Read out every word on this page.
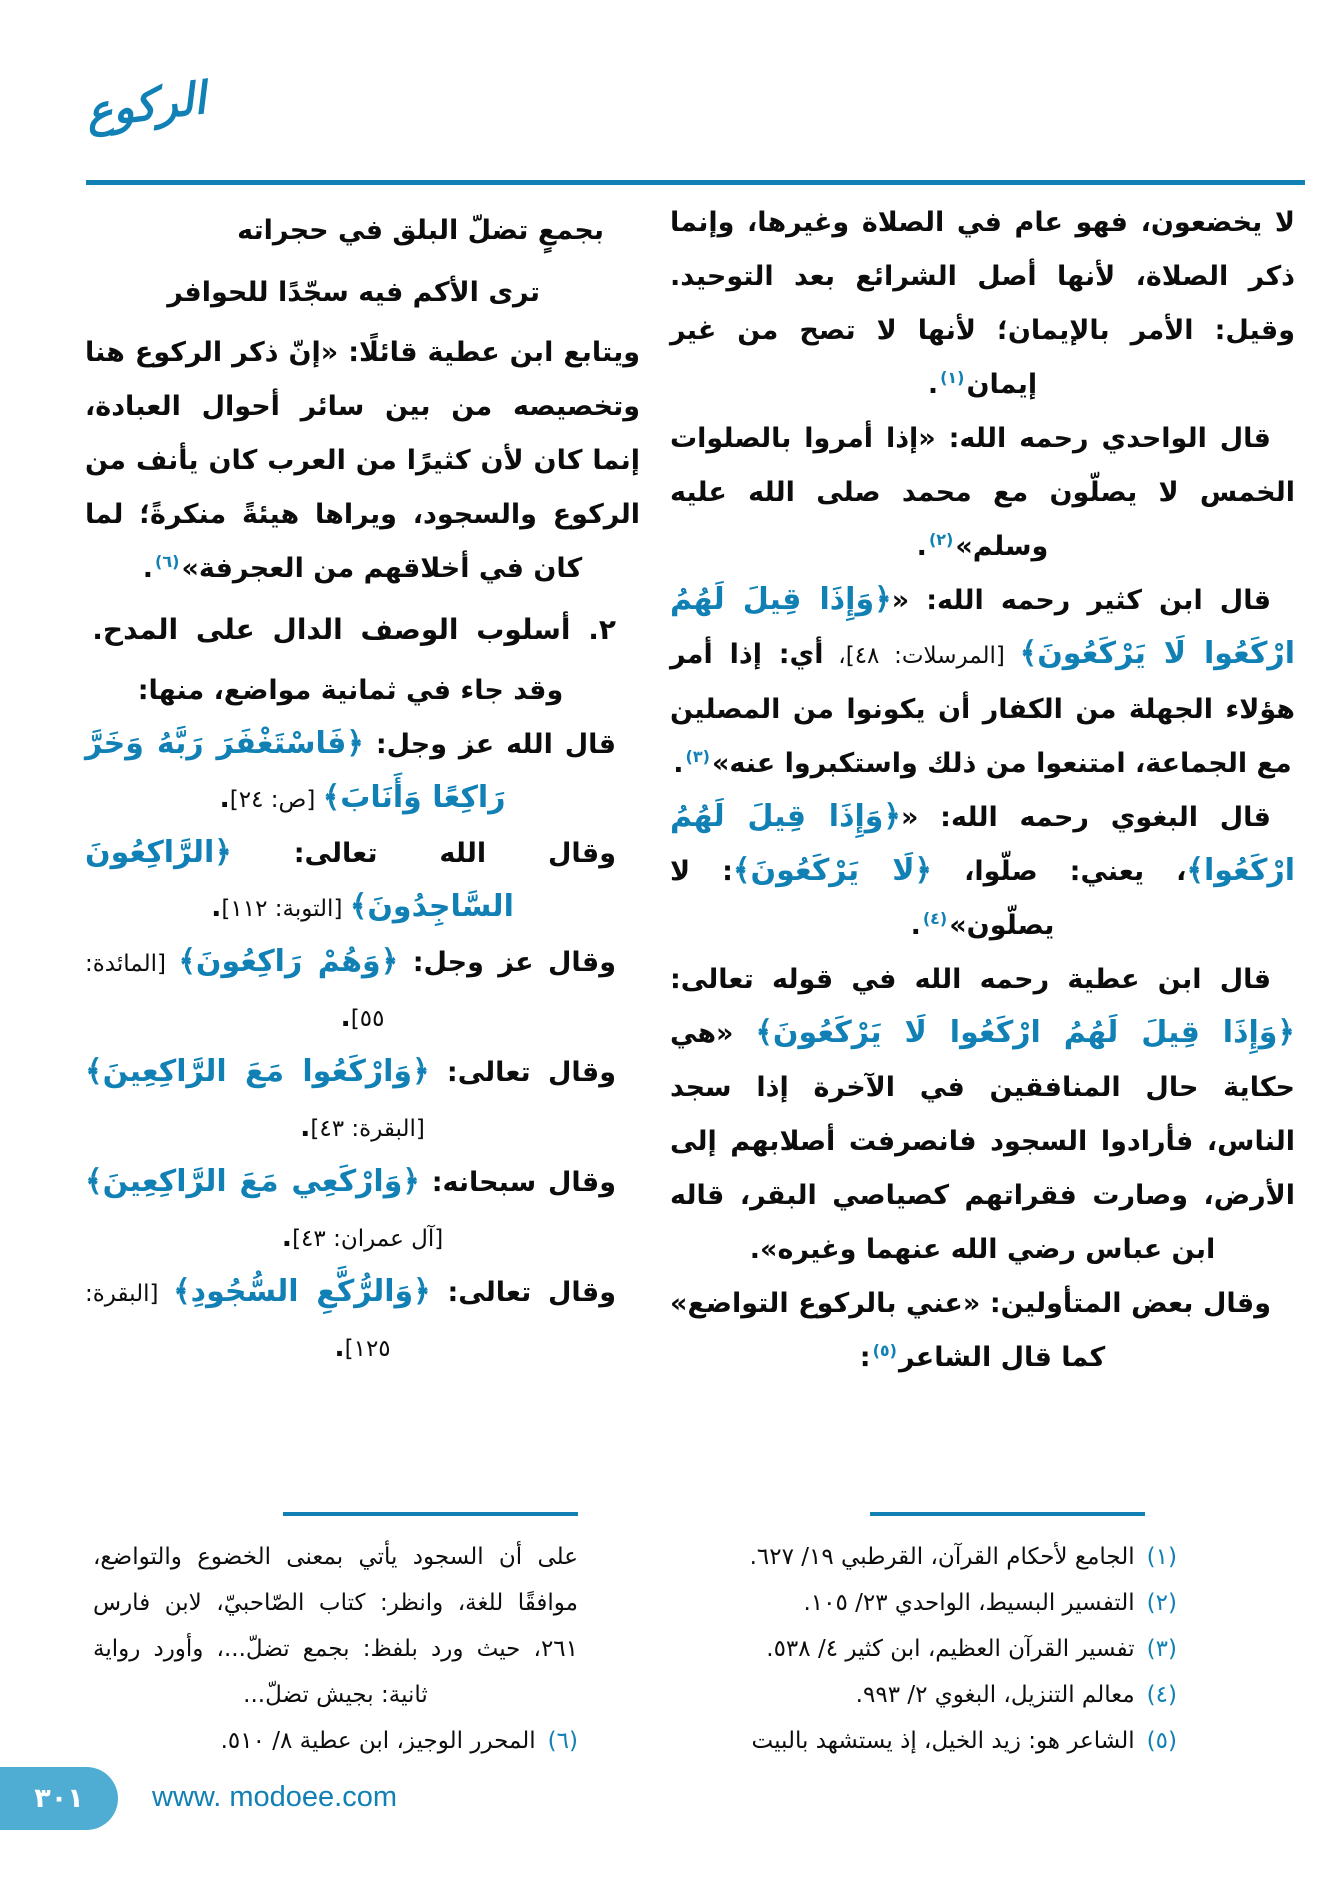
الركوع

لا يخضعون، فهو عام في الصلاة وغيرها، وإنما ذكر الصلاة، لأنها أصل الشرائع بعد التوحيد. وقيل: الأمر بالإيمان؛ لأنها لا تصح من غير إيمان$^{(١)}$.

قال الواحدي رحمه الله: «إذا أمروا بالصلوات الخمس لا يصلّون مع محمد صلى الله عليه وسلم»$^{(٢)}$.

قال ابن كثير رحمه الله: «﴿وَإِذَا قِيلَ لَهُمُ ارْكَعُوا لَا يَرْكَعُونَ﴾ [المرسلات: ٤٨]، أي: إذا أمر هؤلاء الجهلة من الكفار أن يكونوا من المصلين مع الجماعة، امتنعوا من ذلك واستكبروا عنه»$^{(٣)}$.

قال البغوي رحمه الله: «﴿وَإِذَا قِيلَ لَهُمُ ارْكَعُوا﴾، يعني: صلّوا، ﴿لَا يَرْكَعُونَ﴾: لا يصلّون»$^{(٤)}$.

قال ابن عطية رحمه الله في قوله تعالى: ﴿وَإِذَا قِيلَ لَهُمُ ارْكَعُوا لَا يَرْكَعُونَ﴾ «هي حكاية حال المنافقين في الآخرة إذا سجد الناس، فأرادوا السجود فانصرفت أصلابهم إلى الأرض، وصارت فقراتهم كصياصي البقر، قاله ابن عباس رضي الله عنهما وغيره».

وقال بعض المتأولين: «عني بالركوع التواضع» كما قال الشاعر$^{(٥)}$:

(١)
الجامع لأحكام القرآن، القرطبي ١٩/ ٦٢٧.
(٢)
التفسير البسيط، الواحدي ٢٣/ ١٠٥.
(٣)
تفسير القرآن العظيم، ابن كثير ٤/ ٥٣٨.
(٤)
معالم التنزيل، البغوي ٢/ ٩٩٣.
(٥)
الشاعر هو: زيد الخيل، إذ يستشهد بالبيت
بجمعٍ تضلّ البلق في حجراته
ترى الأكم فيه سجّدًا للحوافر

ويتابع ابن عطية قائلًا: «إنّ ذكر الركوع هنا وتخصيصه من بين سائر أحوال العبادة، إنما كان لأن كثيرًا من العرب كان يأنف من الركوع والسجود، ويراها هيئةً منكرةً؛ لما كان في أخلاقهم من العجرفة»$^{(٦)}$.

٢. أسلوب الوصف الدال على المدح.

وقد جاء في ثمانية مواضع، منها:

قال الله عز وجل: ﴿فَاسْتَغْفَرَ رَبَّهُ وَخَرَّ رَاكِعًا وَأَنَابَ﴾ [ص: ٢٤].

وقال الله تعالى: ﴿الرَّاكِعُونَ السَّاجِدُونَ﴾ [التوبة: ١١٢].

وقال عز وجل: ﴿وَهُمْ رَاكِعُونَ﴾ [المائدة: ٥٥].

وقال تعالى: ﴿وَارْكَعُوا مَعَ الرَّاكِعِينَ﴾ [البقرة: ٤٣].

وقال سبحانه: ﴿وَارْكَعِي مَعَ الرَّاكِعِينَ﴾ [آل عمران: ٤٣].

وقال تعالى: ﴿وَالرُّكَّعِ السُّجُودِ﴾ [البقرة: ١٢٥].

على أن السجود يأتي بمعنى الخضوع والتواضع، موافقًا للغة، وانظر: كتاب الصّاحبيّ، لابن فارس ٢٦١، حيث ورد بلفظ: بجمع تضلّ...، وأورد رواية ثانية: بجيش تضلّ...

(٦)
المحرر الوجيز، ابن عطية ٨/ ٥١٠.
٣٠١ www. modoee.com
